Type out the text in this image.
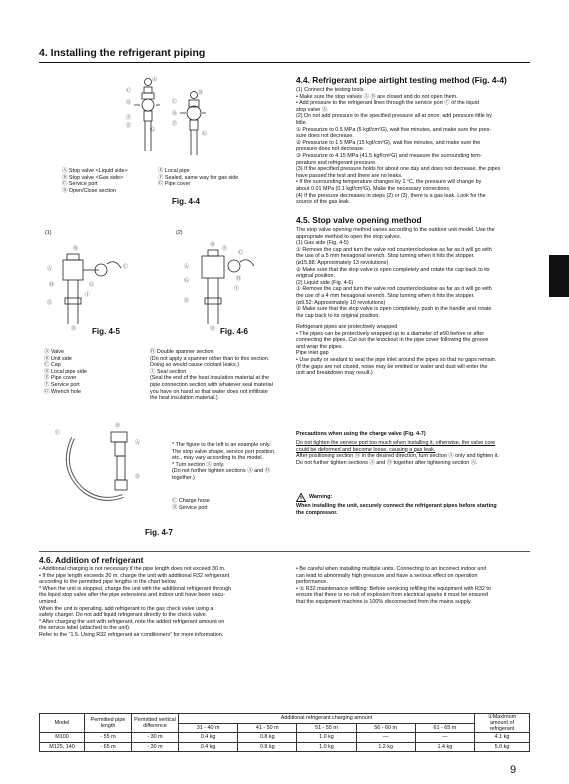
4. Installing the refrigerant piping
Ⓐ
Ⓒ
Ⓓ
Ⓕ
Ⓔ
Ⓖ
Ⓑ
Ⓒ
Ⓓ
Ⓕ
Ⓖ
Ⓐ Stop valve <Liquid side>
Ⓑ Stop valve <Gas side>
Ⓒ Service port
Ⓓ Open/Close section
Ⓔ Local pipe
Ⓕ Sealed, same way for gas side
Ⓖ Pipe cover
Fig. 4-4
(1)	(2)
Ⓑ
Ⓐ	Ⓒ
Ⓗ	Ⓖ
Ⓘ
Ⓔ
Ⓓ
Ⓑ
Ⓕ
Ⓒ
Ⓐ
Ⓗ
Ⓖ
Ⓘ
Ⓔ
Ⓓ
Fig. 4-5	Fig. 4-6
Ⓐ Valve
Ⓑ Unit side
Ⓒ Cap
Ⓓ Local pipe side
Ⓔ Pipe cover
Ⓕ Service port
Ⓖ Wrench hole
Ⓗ Double spanner section
(Do not apply a spanner other than to this section.
Doing so would cause coolant leaks.)
Ⓘ Seal section
(Seal the end of the heat insulation material at the
pipe connection section with whatever seal material
you have on hand so that water does not infiltrate
the heat insulation material.)
Ⓑ
Ⓒ
Ⓐ
Ⓓ
* The figure to the left is an example only.
The stop valve shape, service port position,
etc., may vary according to the model.
* Turn section Ⓐ only.
(Do not further tighten sections Ⓐ and Ⓑ
together.)
Ⓒ Charge hose
Ⓓ Service port
Fig. 4-7
4.4. Refrigerant pipe airtight testing method (Fig. 4-4)
(1) Connect the testing tools.
• Make sure the stop valves Ⓐ Ⓑ are closed and do not open them.
• Add pressure to the refrigerant lines through the service port Ⓒ of the liquid
stop valve Ⓐ.
(2) Do not add pressure to the specified pressure all at once; add pressure little by
little.
① Pressurize to 0.5 MPa (5 kgf/cm²G), wait five minutes, and make sure the pres-
sure does not decrease.
② Pressurize to 1.5 MPa (15 kgf/cm²G), wait five minutes, and make sure the
pressure does not decrease.
③ Pressurize to 4.15 MPa (41.5 kgf/cm²G) and measure the surrounding tem-
perature and refrigerant pressure.
(3) If the specified pressure holds for about one day and does not decrease, the pipes
have passed the test and there are no leaks.
• If the surrounding temperature changes by 1 °C, the pressure will change by
about 0.01 MPa (0.1 kgf/cm²G). Make the necessary corrections.
(4) If the pressure decreases in steps (2) or (3), there is a gas leak. Look for the
source of the gas leak.
4.5. Stop valve opening method
The stop valve opening method varies according to the outdoor unit model. Use the
appropriate method to open the stop valves.
(1) Gas side (Fig. 4-5)
① Remove the cap and turn the valve rod counterclockwise as far as it will go with
the use of a 5 mm hexagonal wrench. Stop turning when it hits the stopper.
(ø15.88: Approximately 13 revolutions)
② Make sure that the stop valve is open completely and rotate the cap back to its
original position.
(2) Liquid side (Fig. 4-6)
① Remove the cap and turn the valve rod counterclockwise as far as it will go with
the use of a 4 mm hexagonal wrench. Stop turning when it hits the stopper.
(ø9.52: Approximately 10 revolutions)
② Make sure that the stop valve is open completely, push in the handle and rotate
the cap back to its original position.
Refrigerant pipes are protectively wrapped
• The pipes can be protectively wrapped up to a diameter of ø90 before or after
connecting the pipes. Cut out the knockout in the pipe cover following the groove
and wrap the pipes.
Pipe inlet gap
• Use putty or sealant to seal the pipe inlet around the pipes so that no gaps remain.
(If the gaps are not closed, noise may be emitted or water and dust will enter the
unit and breakdown may result.)
Precautions when using the charge valve (Fig. 4-7)
Do not tighten the service port too much when installing it, otherwise, the valve core
could be deformed and become loose, causing a gas leak.
After positioning section Ⓑ in the desired direction, turn section Ⓐ only and tighten it.
Do not further tighten sections Ⓐ and Ⓑ together after tightening section Ⓐ.
Warning:
When installing the unit, securely connect the refrigerant pipes before starting
the compressor.
4.6. Addition of refrigerant
• Additional charging is not necessary if the pipe length does not exceed 30 m.
• If the pipe length exceeds 30 m, charge the unit with additional R32 refrigerant
according to the permitted pipe lengths in the chart below.
* When the unit is stopped, charge the unit with the additional refrigerant through
the liquid stop valve after the pipe extensions and indoor unit have been vacu-
umized.
When the unit is operating, add refrigerant to the gas check valve using a
safety charger. Do not add liquid refrigerant directly to the check valve.
* After charging the unit with refrigerant, note the added refrigerant amount on
the service label (attached to the unit).
Refer to the “1.5. Using R32 refrigerant air conditioners” for more information.
• Be careful when installing multiple units. Connecting to an incorrect indoor unit
can lead to abnormally high pressure and have a serious effect on operation
performance.
• ① R32 maintenance refilling: Before servicing refilling the equipment with R32 to
ensure that there is no risk of explosion from electrical sparks it must be ensured
that the equipment machine is 100% disconnected from the mains supply.
Model	Permitted pipe
length	Permitted vertical
difference	Additional refrigerant charging amount					①Maximum
amount of
refrigerant
			31 - 40 m	41 - 50 m	51 - 55 m	56 - 60 m	61 - 65 m	
M100	- 55 m	- 30 m	0.4 kg	0.8 kg	1.0 kg	—	—	4.1 kg
M125, 140	- 65 m	- 30 m	0.4 kg	0.8 kg	1.0 kg	1.2 kg	1.4 kg	5.0 kg
9
